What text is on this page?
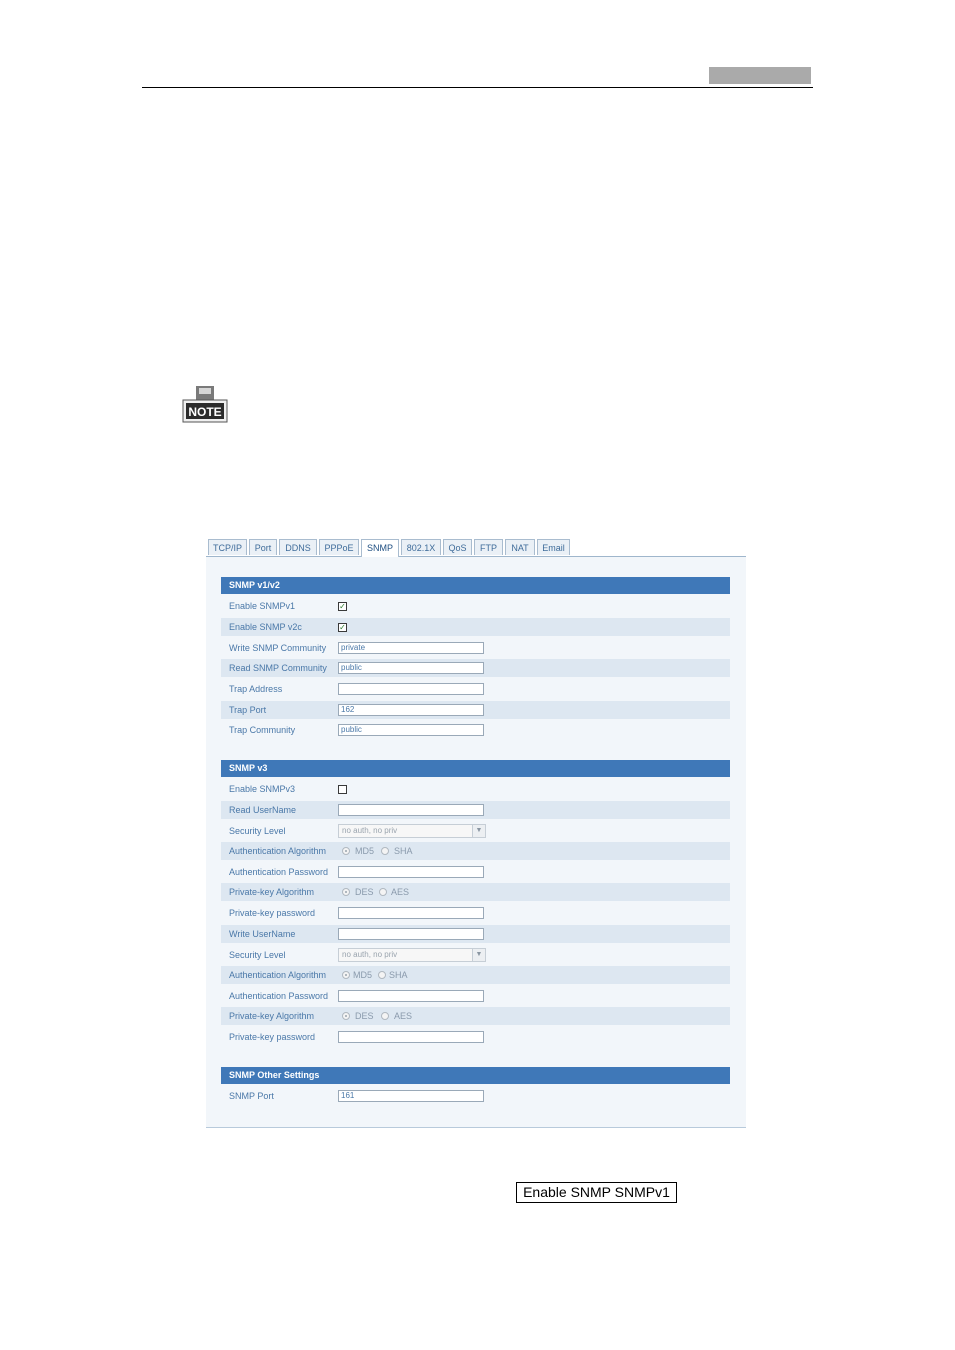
NOTE
TCP/IP	Port	DDNS	PPPoE	SNMP	802.1X	QoS	FTP	NAT	Email
SNMP v1/v2
Enable SNMPv1	✓
Enable SNMP v2c	✓
Write SNMP Community	private
Read SNMP Community	public
Trap Address
Trap Port	162
Trap Community	public
SNMP v3
Enable SNMPv3
Read UserName
Security Level	no auth, no priv	▼
Authentication Algorithm	MD5 SHA
Authentication Password
Private-key Algorithm	DES AES
Private-key password
Write UserName
Security Level	no auth, no priv	▼
Authentication Algorithm	MD5 SHA
Authentication Password
Private-key Algorithm	DES AES
Private-key password
SNMP Other Settings
SNMP Port	161
Enable SNMP SNMPv1
